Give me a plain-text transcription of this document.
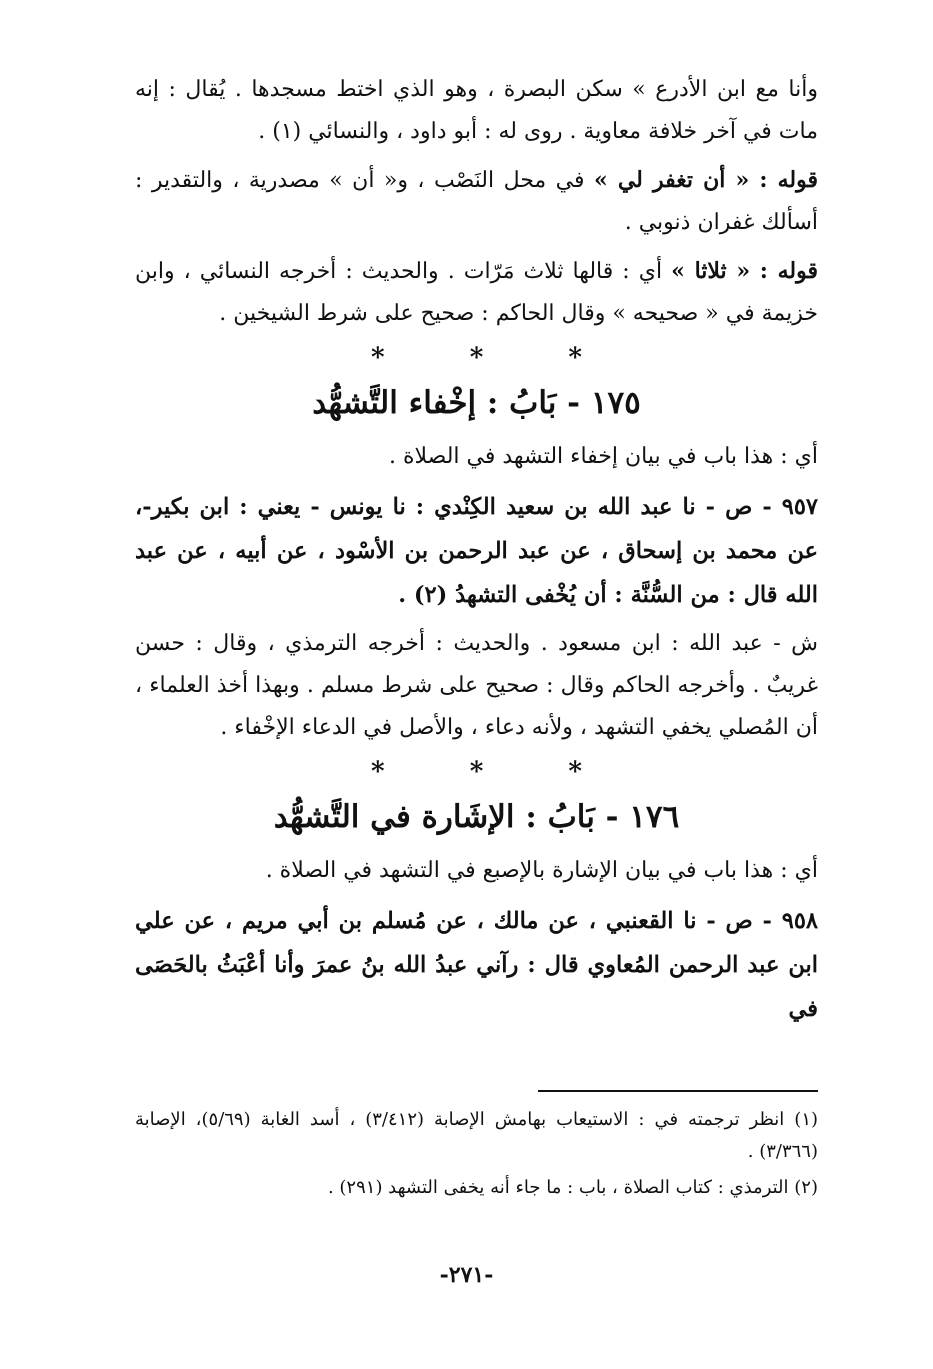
وأنا مع ابن الأدرع » سكن البصرة ، وهو الذي اختط مسجدها . يُقال : إنه مات في آخر خلافة معاوية . روى له : أبو داود ، والنسائي (١) .

قوله : « أن تغفر لي » في محل النَصْب ، و« أن » مصدرية ، والتقدير : أسألك غفران ذنوبي .

قوله : « ثلاثا » أي : قالها ثلاث مَرّات . والحديث : أخرجه النسائي ، وابن خزيمة في « صحيحه » وقال الحاكم : صحيح على شرط الشيخين .

* * *
١٧٥ - بَابُ : إخْفاء التَّشهُّد

أي : هذا باب في بيان إخفاء التشهد في الصلاة .

٩٥٧ - ص - نا عبد الله بن سعيد الكِنْدي : نا يونس - يعني : ابن بكير-، عن محمد بن إسحاق ، عن عبد الرحمن بن الأسْود ، عن أبيه ، عن عبد الله قال : من السُّنَّة : أن يُخْفى التشهدُ (٢) .

ش - عبد الله : ابن مسعود . والحديث : أخرجه الترمذي ، وقال : حسن غريبٌ . وأخرجه الحاكم وقال : صحيح على شرط مسلم . وبهذا أخذ العلماء ، أن المُصلي يخفي التشهد ، ولأنه دعاء ، والأصل في الدعاء الإخْفاء .

* * *
١٧٦ - بَابُ : الإشَارة في التَّشهُّد

أي : هذا باب في بيان الإشارة بالإصبع في التشهد في الصلاة .

٩٥٨ - ص - نا القعنبي ، عن مالك ، عن مُسلم بن أبي مريم ، عن علي ابن عبد الرحمن المُعاوي قال : رآني عبدُ الله بنُ عمرَ وأنا أعْبَثُ بالحَصَى في

(١) انظر ترجمته في : الاستيعاب بهامش الإصابة (٣/٤١٢) ، أسد الغابة (٥/٦٩)، الإصابة (٣/٣٦٦) .

(٢) الترمذي : كتاب الصلاة ، باب : ما جاء أنه يخفى التشهد (٢٩١) .

-٢٧١-
